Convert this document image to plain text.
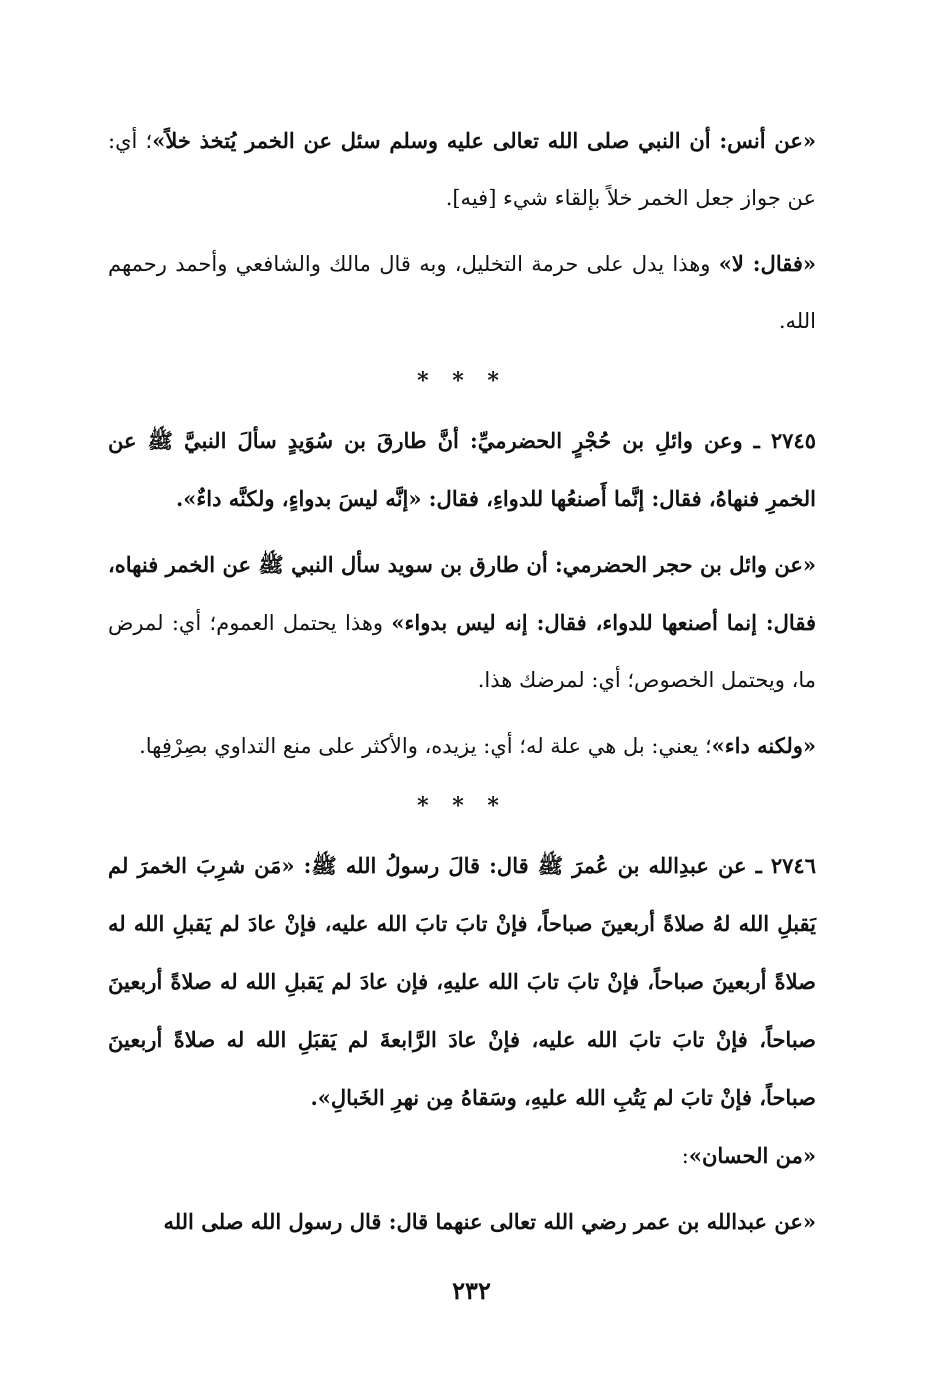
«عن أنس: أن النبي صلى الله تعالى عليه وسلم سئل عن الخمر يُتخذ خلاً»؛ أي: عن جواز جعل الخمر خلاً بإلقاء شيء [فيه].

«فقال: لا» وهذا يدل على حرمة التخليل، وبه قال مالك والشافعي وأحمد رحمهم الله.

* * *

٢٧٤٥ ـ وعن وائلِ بن حُجْرٍ الحضرميِّ: أنَّ طارقَ بن سُوَيدٍ سألَ النبيَّ ﷺ عن الخمرِ فنهاهُ، فقال: إنَّما أَصنعُها للدواءِ، فقال: «إنَّه ليسَ بدواءٍ، ولكنَّه داءٌ».

«عن وائل بن حجر الحضرمي: أن طارق بن سويد سأل النبي ﷺ عن الخمر فنهاه، فقال: إنما أصنعها للدواء، فقال: إنه ليس بدواء» وهذا يحتمل العموم؛ أي: لمرض ما، ويحتمل الخصوص؛ أي: لمرضك هذا.

«ولكنه داء»؛ يعني: بل هي علة له؛ أي: يزيده، والأكثر على منع التداوي بصِرْفِها.

* * *

٢٧٤٦ ـ عن عبدِالله بن عُمرَ ﷺ قال: قالَ رسولُ الله ﷺ: «مَن شرِبَ الخمرَ لم يَقبلِ الله لهُ صلاةً أربعينَ صباحاً، فإنْ تابَ تابَ الله عليه، فإنْ عادَ لم يَقبلِ الله له صلاةً أربعينَ صباحاً، فإنْ تابَ تابَ الله عليهِ، فإن عادَ لم يَقبلِ الله له صلاةً أربعينَ صباحاً، فإنْ تابَ تابَ الله عليه، فإنْ عادَ الرَّابعةَ لم يَقبَلِ الله له صلاةً أربعينَ صباحاً، فإنْ تابَ لم يَتُبِ الله عليهِ، وسَقاهُ مِن نهرِ الخَبالِ».

«من الحسان»:

«عن عبدالله بن عمر رضي الله تعالى عنهما قال: قال رسول الله صلى الله

٢٣٢
